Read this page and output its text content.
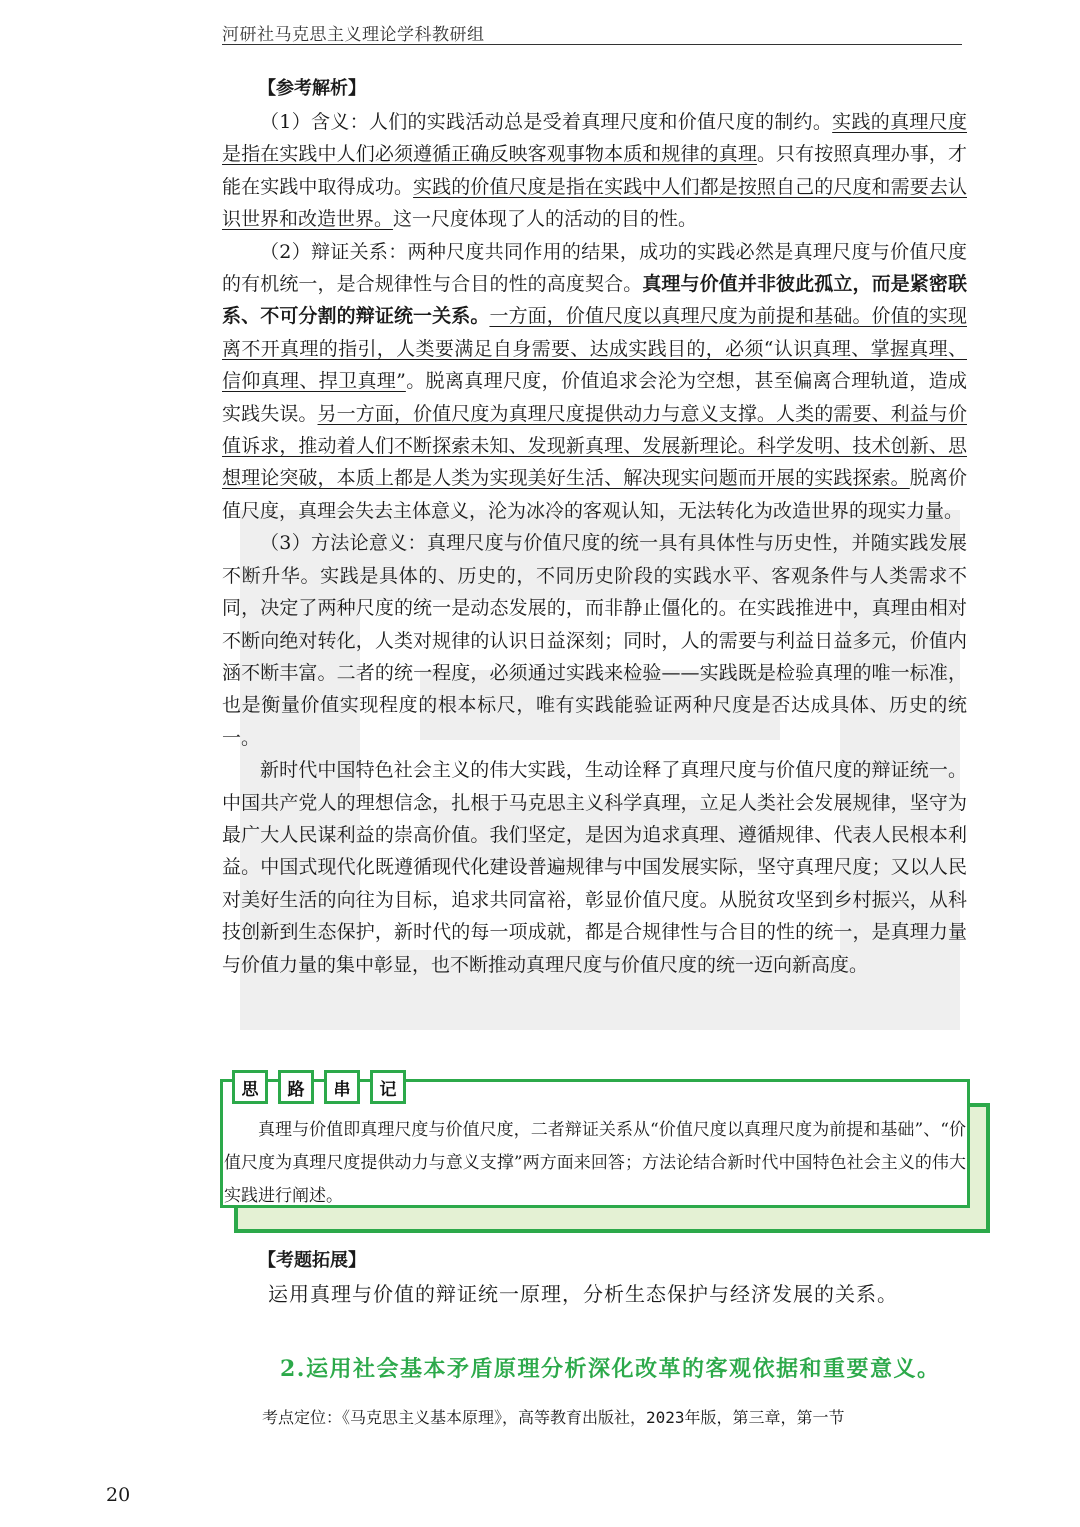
河研社马克思主义理论学科教研组
【参考解析】

（1）含义：人们的实践活动总是受着真理尺度和价值尺度的制约。实践的真理尺度是指在实践中人们必须遵循正确反映客观事物本质和规律的真理。只有按照真理办事，才能在实践中取得成功。实践的价值尺度是指在实践中人们都是按照自己的尺度和需要去认识世界和改造世界。这一尺度体现了人的活动的目的性。

（2）辩证关系：两种尺度共同作用的结果，成功的实践必然是真理尺度与价值尺度的有机统一，是合规律性与合目的性的高度契合。真理与价值并非彼此孤立，而是紧密联系、不可分割的辩证统一关系。一方面，价值尺度以真理尺度为前提和基础。价值的实现离不开真理的指引，人类要满足自身需要、达成实践目的，必须“认识真理、掌握真理、信仰真理、捍卫真理”。脱离真理尺度，价值追求会沦为空想，甚至偏离合理轨道，造成实践失误。另一方面，价值尺度为真理尺度提供动力与意义支撑。人类的需要、利益与价值诉求，推动着人们不断探索未知、发现新真理、发展新理论。科学发明、技术创新、思想理论突破，本质上都是人类为实现美好生活、解决现实问题而开展的实践探索。脱离价值尺度，真理会失去主体意义，沦为冰冷的客观认知，无法转化为改造世界的现实力量。

（3）方法论意义：真理尺度与价值尺度的统一具有具体性与历史性，并随实践发展不断升华。实践是具体的、历史的，不同历史阶段的实践水平、客观条件与人类需求不同，决定了两种尺度的统一是动态发展的，而非静止僵化的。在实践推进中，真理由相对不断向绝对转化，人类对规律的认识日益深刻；同时，人的需要与利益日益多元，价值内涵不断丰富。二者的统一程度，必须通过实践来检验——实践既是检验真理的唯一标准，也是衡量价值实现程度的根本标尺，唯有实践能验证两种尺度是否达成具体、历史的统一。

新时代中国特色社会主义的伟大实践，生动诠释了真理尺度与价值尺度的辩证统一。中国共产党人的理想信念，扎根于马克思主义科学真理，立足人类社会发展规律，坚守为最广大人民谋利益的崇高价值。我们坚定，是因为追求真理、遵循规律、代表人民根本利益。中国式现代化既遵循现代化建设普遍规律与中国发展实际，坚守真理尺度；又以人民对美好生活的向往为目标，追求共同富裕，彰显价值尺度。从脱贫攻坚到乡村振兴，从科技创新到生态保护，新时代的每一项成就，都是合规律性与合目的性的统一，是真理力量与价值力量的集中彰显，也不断推动真理尺度与价值尺度的统一迈向新高度。

思	路	串	记

真理与价值即真理尺度与价值尺度，二者辩证关系从“价值尺度以真理尺度为前提和基础”、“价值尺度为真理尺度提供动力与意义支撑”两方面来回答；方法论结合新时代中国特色社会主义的伟大实践进行阐述。

【考题拓展】
运用真理与价值的辩证统一原理，分析生态保护与经济发展的关系。
2.运用社会基本矛盾原理分析深化改革的客观依据和重要意义。
考点定位：《马克思主义基本原理》，高等教育出版社，2023年版，第三章，第一节
20
